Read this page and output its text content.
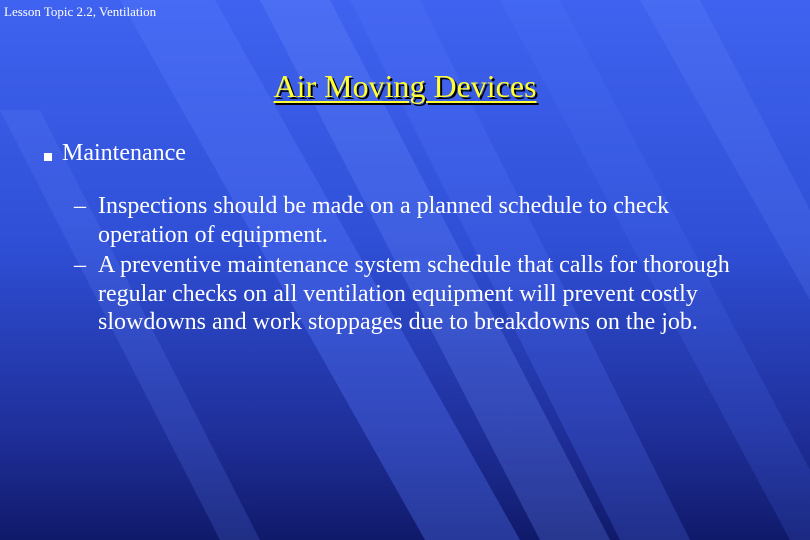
Lesson Topic 2.2, Ventilation
Air Moving Devices
Maintenance
– Inspections should be made on a planned schedule to check operation of equipment.
– A preventive maintenance system schedule that calls for thorough regular checks on all ventilation equipment will prevent costly slowdowns and work stoppages due to breakdowns on the job.
